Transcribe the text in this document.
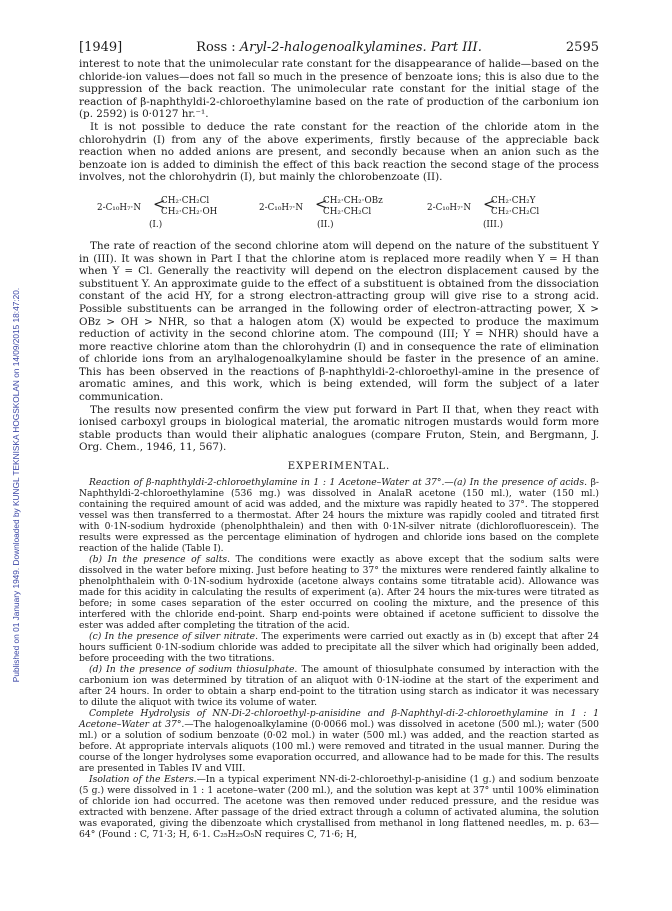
Published on 01 January 1949. Downloaded by KUNGL TEKNISKA HOGSKOLAN on 14/09/2015 18:47:20.
[1949]	Ross : Aryl-2-halogenoalkylamines. Part III.	2595

interest to note that the unimolecular rate constant for the disappearance of halide—based on the chloride-ion values—does not fall so much in the presence of benzoate ions; this is also due to the suppression of the back reaction. The unimolecular rate constant for the initial stage of the reaction of β-naphthyldi-2-chloroethylamine based on the rate of production of the carbonium ion (p. 2592) is 0·0127 hr.⁻¹.

It is not possible to deduce the rate constant for the reaction of the chloride atom in the chlorohydrin (I) from any of the above experiments, firstly because of the appreciable back reaction when no added anions are present, and secondly because when an anion such as the benzoate ion is added to diminish the effect of this back reaction the second stage of the process involves, not the chlorohydrin (I), but mainly the chlorobenzoate (II).

2-C₁₀H₇·N <
CH₂·CH₂Cl
CH₂·CH₂·OH
(I.)
2-C₁₀H₇·N <
CH₂·CH₂·OBz
CH₂·CH₂Cl
(II.)
2-C₁₀H₇·N <
CH₂·CH₂Y
CH₂·CH₂Cl
(III.)

The rate of reaction of the second chlorine atom will depend on the nature of the substituent Y in (III). It was shown in Part I that the chlorine atom is replaced more readily when Y = H than when Y = Cl. Generally the reactivity will depend on the electron displacement caused by the substituent Y. An approximate guide to the effect of a substituent is obtained from the dissociation constant of the acid HY, for a strong electron-attracting group will give rise to a strong acid. Possible substituents can be arranged in the following order of electron-attracting power, X > OBz > OH > NHR, so that a halogen atom (X) would be expected to produce the maximum reduction of activity in the second chlorine atom. The compound (III; Y = NHR) should have a more reactive chlorine atom than the chlorohydrin (I) and in consequence the rate of elimination of chloride ions from an arylhalogenoalkylamine should be faster in the presence of an amine. This has been observed in the reactions of β-naphthyldi-2-chloroethyl-amine in the presence of aromatic amines, and this work, which is being extended, will form the subject of a later communication.

The results now presented confirm the view put forward in Part II that, when they react with ionised carboxyl groups in biological material, the aromatic nitrogen mustards would form more stable products than would their aliphatic analogues (compare Fruton, Stein, and Bergmann, J. Org. Chem., 1946, 11, 567).

EXPERIMENTAL.

Reaction of β-naphthyldi-2-chloroethylamine in 1 : 1 Acetone–Water at 37°.—(a) In the presence of acids. β-Naphthyldi-2-chloroethylamine (536 mg.) was dissolved in AnalaR acetone (150 ml.), water (150 ml.) containing the required amount of acid was added, and the mixture was rapidly heated to 37°. The stoppered vessel was then transferred to a thermostat. After 24 hours the mixture was rapidly cooled and titrated first with 0·1N-sodium hydroxide (phenolphthalein) and then with 0·1N-silver nitrate (dichlorofluorescein). The results were expressed as the percentage elimination of hydrogen and chloride ions based on the complete reaction of the halide (Table I).

(b) In the presence of salts. The conditions were exactly as above except that the sodium salts were dissolved in the water before mixing. Just before heating to 37° the mixtures were rendered faintly alkaline to phenolphthalein with 0·1N-sodium hydroxide (acetone always contains some titratable acid). Allowance was made for this acidity in calculating the results of experiment (a). After 24 hours the mix-tures were titrated as before; in some cases separation of the ester occurred on cooling the mixture, and the presence of this interfered with the chloride end-point. Sharp end-points were obtained if acetone sufficient to dissolve the ester was added after completing the titration of the acid.

(c) In the presence of silver nitrate. The experiments were carried out exactly as in (b) except that after 24 hours sufficient 0·1N-sodium chloride was added to precipitate all the silver which had originally been added, before proceeding with the two titrations.

(d) In the presence of sodium thiosulphate. The amount of thiosulphate consumed by interaction with the carbonium ion was determined by titration of an aliquot with 0·1N-iodine at the start of the experiment and after 24 hours. In order to obtain a sharp end-point to the titration using starch as indicator it was necessary to dilute the aliquot with twice its volume of water.

Complete Hydrolysis of NN-Di-2-chloroethyl-p-anisidine and β-Naphthyl-di-2-chloroethylamine in 1 : 1 Acetone–Water at 37°.—The halogenoalkylamine (0·0066 mol.) was dissolved in acetone (500 ml.); water (500 ml.) or a solution of sodium benzoate (0·02 mol.) in water (500 ml.) was added, and the reaction started as before. At appropriate intervals aliquots (100 ml.) were removed and titrated in the usual manner. During the course of the longer hydrolyses some evaporation occurred, and allowance had to be made for this. The results are presented in Tables IV and VIII.

Isolation of the Esters.—In a typical experiment NN-di-2-chloroethyl-p-anisidine (1 g.) and sodium benzoate (5 g.) were dissolved in 1 : 1 acetone–water (200 ml.), and the solution was kept at 37° until 100% elimination of chloride ion had occurred. The acetone was then removed under reduced pressure, and the residue was extracted with benzene. After passage of the dried extract through a column of activated alumina, the solution was evaporated, giving the dibenzoate which crystallised from methanol in long flattened needles, m. p. 63—64° (Found : C, 71·3; H, 6·1. C₂₅H₂₅O₅N requires C, 71·6; H,
